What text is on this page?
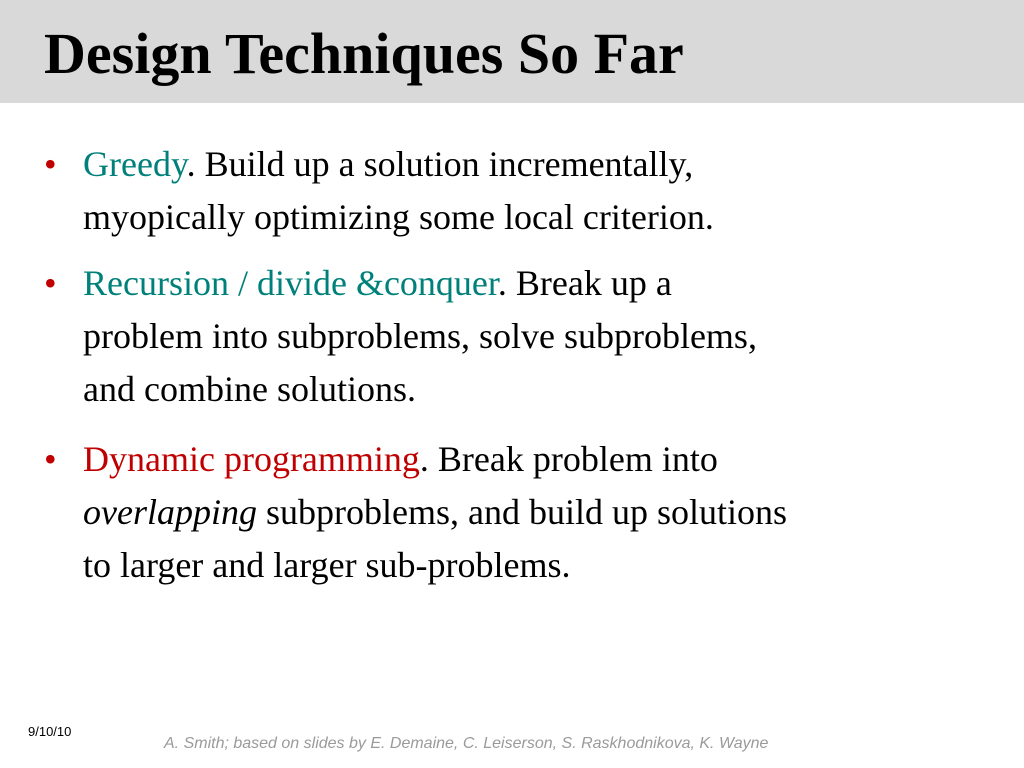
Design Techniques So Far
• Greedy. Build up a solution incrementally,
myopically optimizing some local criterion.
• Recursion / divide &conquer. Break up a
problem into subproblems, solve subproblems,
and combine solutions.
• Dynamic programming. Break problem into
overlapping subproblems, and build up solutions
to larger and larger sub-problems.
9/10/10
A. Smith; based on slides by E. Demaine, C. Leiserson, S. Raskhodnikova, K. Wayne
